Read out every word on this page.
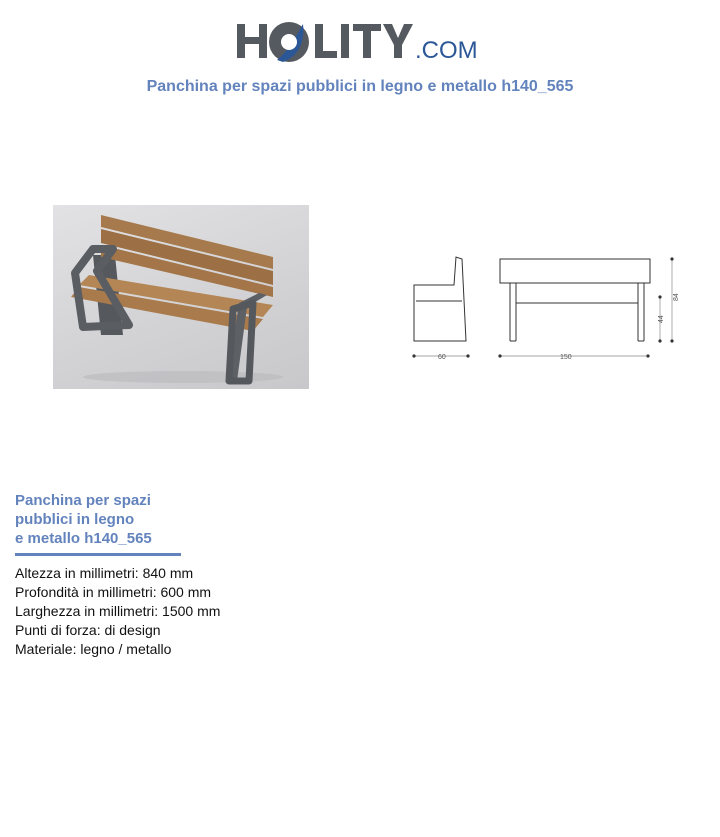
.COM
Panchina per spazi pubblici in legno e metallo h140_565
60	150
84
44
Panchina per spazi
pubblici in legno
e metallo h140_565
Altezza in millimetri: 840 mm
Profondità in millimetri: 600 mm
Larghezza in millimetri: 1500 mm
Punti di forza: di design
Materiale: legno / metallo
